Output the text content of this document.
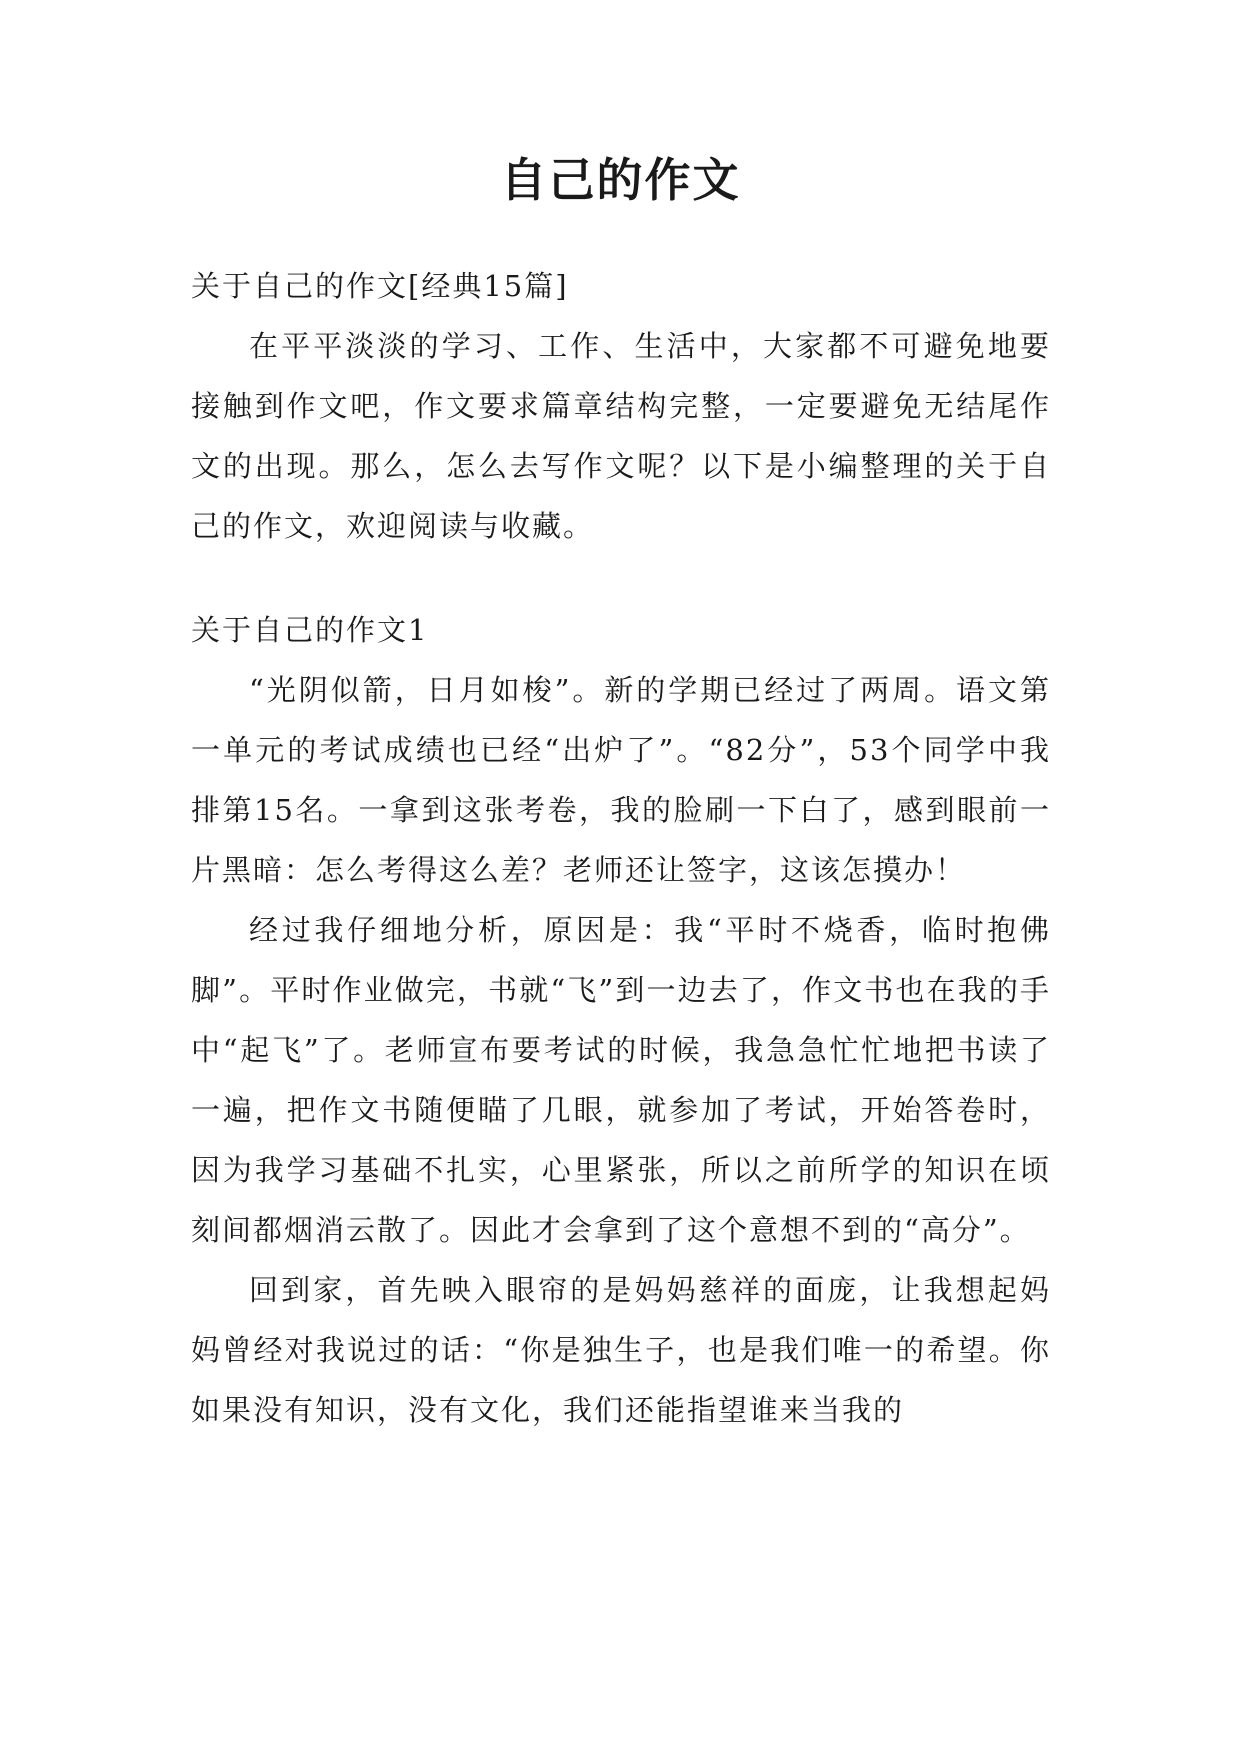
自己的作文

关于自己的作文[经典15篇]

在平平淡淡的学习、工作、生活中，大家都不可避免地要接触到作文吧，作文要求篇章结构完整，一定要避免无结尾作文的出现。那么，怎么去写作文呢？以下是小编整理的关于自己的作文，欢迎阅读与收藏。

关于自己的作文1

“光阴似箭，日月如梭”。新的学期已经过了两周。语文第一单元的考试成绩也已经“出炉了”。“82分”，53个同学中我排第15名。一拿到这张考卷，我的脸刷一下白了，感到眼前一片黑暗：怎么考得这么差？老师还让签字，这该怎摸办！

经过我仔细地分析，原因是：我“平时不烧香，临时抱佛脚”。平时作业做完，书就“飞”到一边去了，作文书也在我的手中“起飞”了。老师宣布要考试的时候，我急急忙忙地把书读了一遍，把作文书随便瞄了几眼，就参加了考试，开始答卷时，因为我学习基础不扎实，心里紧张，所以之前所学的知识在顷刻间都烟消云散了。因此才会拿到了这个意想不到的“高分”。

回到家，首先映入眼帘的是妈妈慈祥的面庞，让我想起妈妈曾经对我说过的话：“你是独生子，也是我们唯一的希望。你如果没有知识，没有文化，我们还能指望谁来当我的
